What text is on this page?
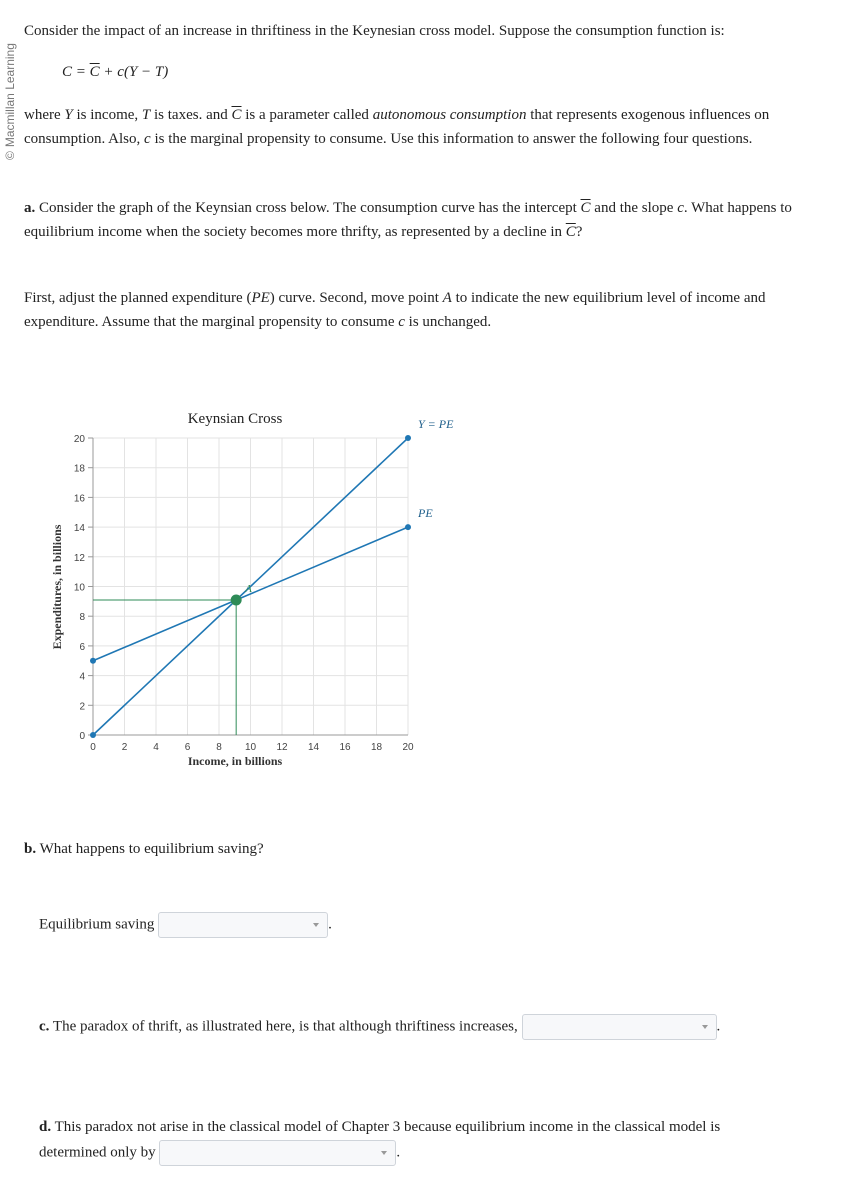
©
Macmillan Learning
Consider the impact of an increase in thriftiness in the Keynesian cross model. Suppose the consumption function is:
$C = \overline{C} + c(Y - T)$
where Y is income, T is taxes. and $\overline{C}$ is a parameter called autonomous consumption that represents exogenous influences on
consumption. Also, c is the marginal propensity to consume. Use this information to answer the following four questions.
a. Consider the graph of the Keynsian cross below. The consumption curve has the intercept $\overline{C}$ and the slope c. What happens to
equilibrium income when the society becomes more thrifty, as represented by a decline in $\overline{C}$?
First, adjust the planned expenditure (PE) curve. Second, move point A to indicate the new equilibrium level of income and
expenditure. Assume that the marginal propensity to consume c is unchanged.
Keynsian Cross
0	2	4	6	8 10 12 14 16 18 20
0
2
4
6
8
10
12
14
16
18
20
Y = PE
PE
A
Income, in billions
Expenditures, in billions
b. What happens to equilibrium saving?
Equilibrium saving	.
c. The paradox of thrift, as illustrated here, is that although thriftiness increases,	.
d. This paradox not arise in the classical model of Chapter 3 because equilibrium income in the classical model is
determined only by	.
